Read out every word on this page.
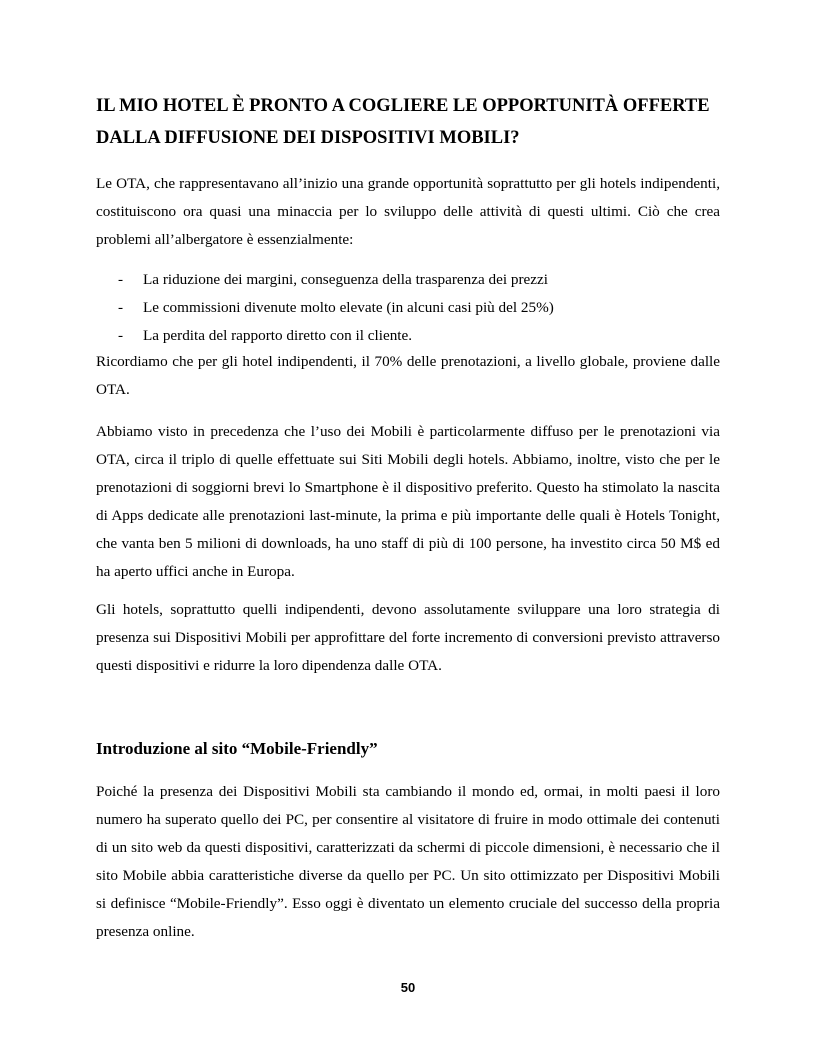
IL MIO HOTEL È PRONTO A COGLIERE LE OPPORTUNITÀ OFFERTE DALLA DIFFUSIONE DEI DISPOSITIVI MOBILI?

Le OTA, che rappresentavano all’inizio una grande opportunità soprattutto per gli hotels indipendenti, costituiscono ora quasi una minaccia per lo sviluppo delle attività di questi ultimi. Ciò che crea problemi all’albergatore è essenzialmente:

- La riduzione dei margini, conseguenza della trasparenza dei prezzi
- Le commissioni divenute molto elevate (in alcuni casi più del 25%)
- La perdita del rapporto diretto con il cliente.

Ricordiamo che per gli hotel indipendenti, il 70% delle prenotazioni, a livello globale, proviene dalle OTA.

Abbiamo visto in precedenza che l’uso dei Mobili è particolarmente diffuso per le prenotazioni via OTA, circa il triplo di quelle effettuate sui Siti Mobili degli hotels. Abbiamo, inoltre, visto che per le prenotazioni di soggiorni brevi lo Smartphone è il dispositivo preferito. Questo ha stimolato la nascita di Apps dedicate alle prenotazioni last-minute, la prima e più importante delle quali è Hotels Tonight, che vanta ben 5 milioni di downloads, ha uno staff di più di 100 persone, ha investito circa 50 M$ ed ha aperto uffici anche in Europa.

Gli hotels, soprattutto quelli indipendenti, devono assolutamente sviluppare una loro strategia di presenza sui Dispositivi Mobili per approfittare del forte incremento di conversioni previsto attraverso questi dispositivi e ridurre la loro dipendenza dalle OTA.

Introduzione al sito “Mobile-Friendly”

Poiché la presenza dei Dispositivi Mobili sta cambiando il mondo ed, ormai, in molti paesi il loro numero ha superato quello dei PC, per consentire al visitatore di fruire in modo ottimale dei contenuti di un sito web da questi dispositivi, caratterizzati da schermi di piccole dimensioni, è necessario che il sito Mobile abbia caratteristiche diverse da quello per PC. Un sito ottimizzato per Dispositivi Mobili si definisce “Mobile-Friendly”. Esso oggi è diventato un elemento cruciale del successo della propria presenza online.

50
